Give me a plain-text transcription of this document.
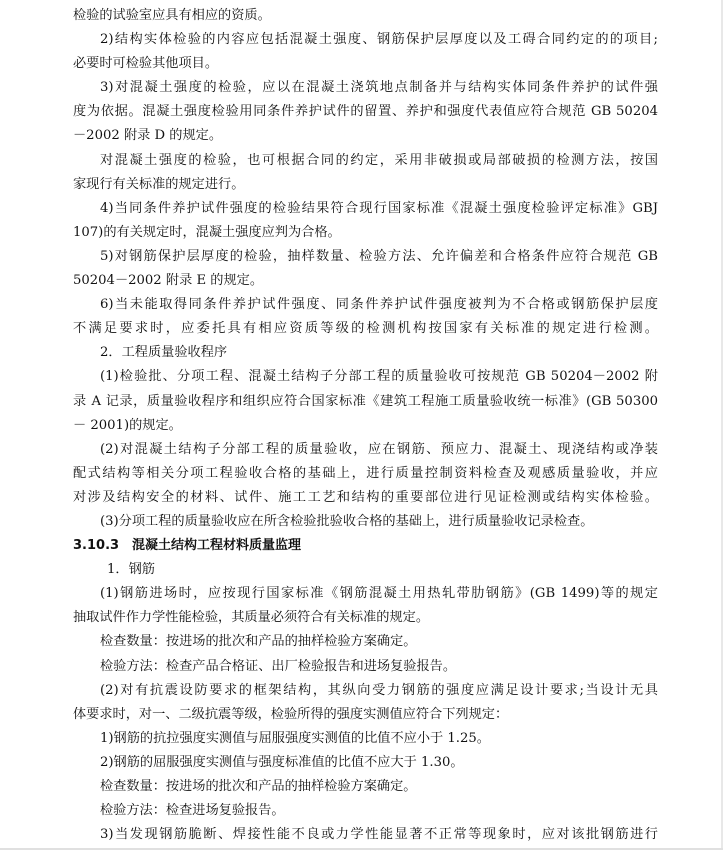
检验的试验室应具有相应的资质。
2)结构实体检验的内容应包括混凝土强度、钢筋保护层厚度以及工碍合同约定的的项目;
必要时可检验其他项目。
3)对混凝土强度的检验，应以在混凝土浇筑地点制备并与结构实体同条件养护的试件强
度为依据。混凝土强度检验用同条件养护试件的留置、养护和强度代表值应符合规范 GB 50204
－2002 附录 D 的规定。
对混凝土强度的检验，也可根据合同的约定，采用非破损或局部破损的检测方法，按国
家现行有关标准的规定进行。
4)当同条件养护试件强度的检验结果符合现行国家标准《混凝土强度检验评定标准》GBJ
107)的有关规定时，混凝土强度应判为合格。
5)对钢筋保护层厚度的检验，抽样数量、检验方法、允许偏差和合格条件应符合规范 GB
50204－2002 附录 E 的规定。
6)当未能取得同条件养护试件强度、同条件养护试件强度被判为不合格或钢筋保护层度
不满足要求时，应委托具有相应资质等级的检测机构按国家有关标准的规定进行检测。
2．工程质量验收程序
(1)检验批、分项工程、混凝土结构子分部工程的质量验收可按规范 GB 50204－2002 附
录 A 记录，质量验收程序和组织应符合国家标准《建筑工程施工质量验收统一标准》(GB 50300
－ 2001)的规定。
(2)对混凝土结构子分部工程的质量验收，应在钢筋、预应力、混凝土、现浇结构或净装
配式结构等相关分项工程验收合格的基础上，进行质量控制资料检查及观感质量验收，并应
对涉及结构安全的材料、试件、施工工艺和结构的重要部位进行见证检测或结构实体检验。
(3)分项工程的质量验收应在所含检验批验收合格的基础上，进行质量验收记录检查。
3.10.3　混凝土结构工程材料质量监理
1．钢筋
(1)钢筋进场时，应按现行国家标准《钢筋混凝土用热轧带肋钢筋》(GB 1499)等的规定
抽取试件作力学性能检验，其质量必须符合有关标准的规定。
检查数量：按进场的批次和产品的抽样检验方案确定。
检验方法：检查产品合格证、出厂检验报告和进场复验报告。
(2)对有抗震设防要求的框架结构，其纵向受力钢筋的强度应满足设计要求;当设计无具
体要求时，对一、二级抗震等级，检验所得的强度实测值应符合下列规定：
1)钢筋的抗拉强度实测值与屈服强度实测值的比值不应小于 1.25。
2)钢筋的屈服强度实测值与强度标准值的比值不应大于 1.30。
检查数量：按进场的批次和产品的抽样检验方案确定。
检验方法：检查进场复验报告。
3)当发现钢筋脆断、焊接性能不良或力学性能显著不正常等现象时，应对该批钢筋进行
